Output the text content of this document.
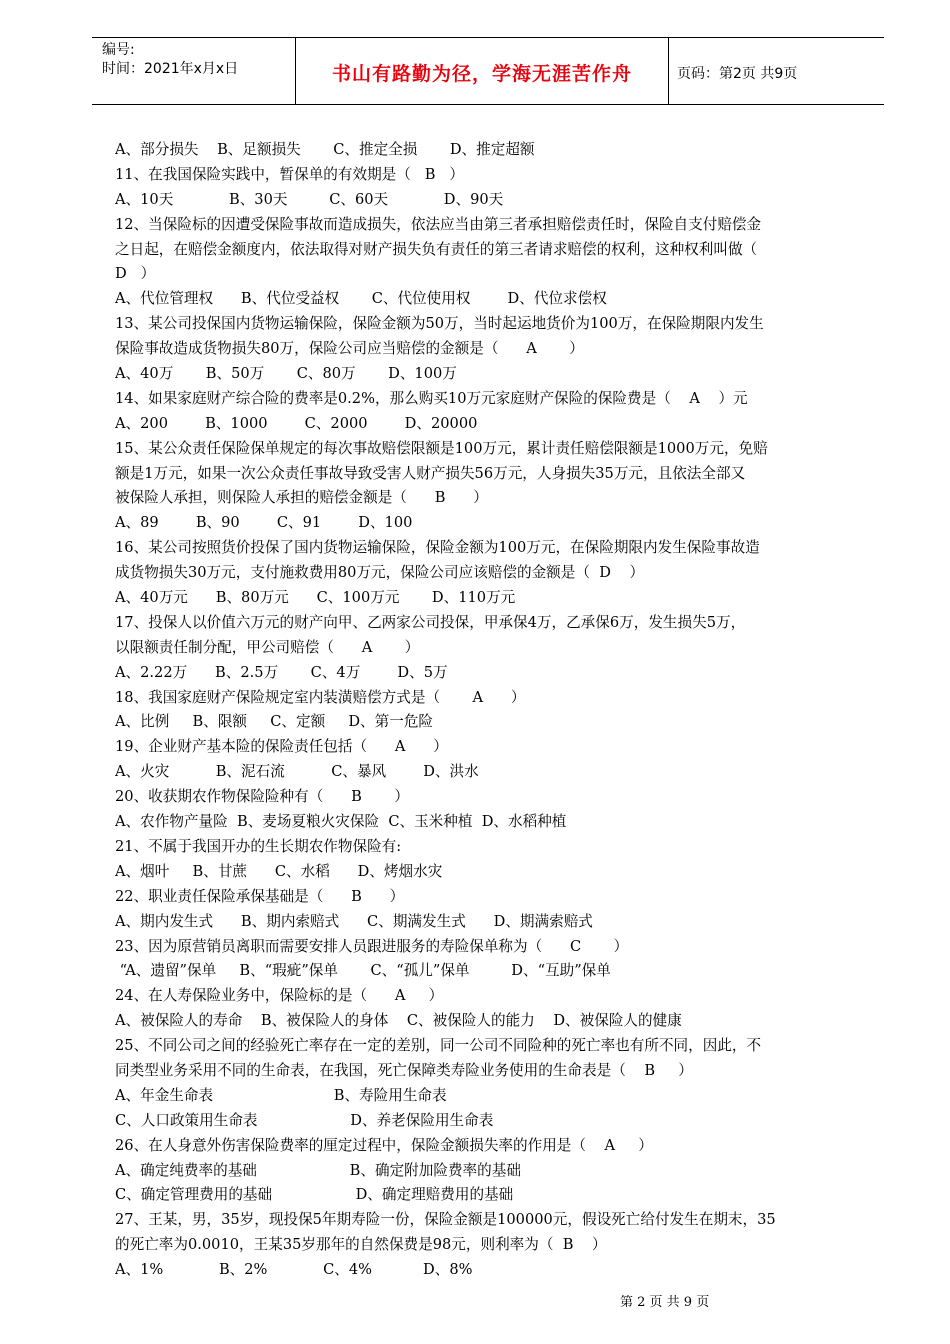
编号:
时间：2021年x月x日	书山有路勤为径，学海无涯苦作舟	页码：第2页 共9页
A、部分损失    B、足额损失       C、推定全损       D、推定超额
11、在我国保险实践中，暂保单的有效期是（   B   ）
A、10天            B、30天         C、60天            D、90天
12、当保险标的因遭受保险事故而造成损失，依法应当由第三者承担赔偿责任时，保险自支付赔偿金
之日起，在赔偿金额度内，依法取得对财产损失负有责任的第三者请求赔偿的权利，这种权利叫做（
D   ）
A、代位管理权      B、代位受益权       C、代位使用权        D、代位求偿权
13、某公司投保国内货物运输保险，保险金额为50万，当时起运地货价为100万，在保险期限内发生
保险事故造成货物损失80万，保险公司应当赔偿的金额是（      A       ）
A、40万       B、50万       C、80万       D、100万
14、如果家庭财产综合险的费率是0.2%，那么购买10万元家庭财产保险的保险费是（    A    ）元
A、200        B、1000        C、2000        D、20000
15、某公众责任保险保单规定的每次事故赔偿限额是100万元，累计责任赔偿限额是1000万元，免赔
额是1万元，如果一次公众责任事故导致受害人财产损失56万元，人身损失35万元，且依法全部又
被保险人承担，则保险人承担的赔偿金额是（      B      ）
A、89        B、90        C、91        D、100
16、某公司按照货价投保了国内货物运输保险，保险金额为100万元，在保险期限内发生保险事故造
成货物损失30万元，支付施救费用80万元，保险公司应该赔偿的金额是（  D    ）
A、40万元      B、80万元      C、100万元       D、110万元
17、投保人以价值六万元的财产向甲、乙两家公司投保，甲承保4万，乙承保6万，发生损失5万，
以限额责任制分配，甲公司赔偿（      A       ）
A、2.22万      B、2.5万       C、4万        D、5万
18、我国家庭财产保险规定室内装潢赔偿方式是（       A      ）
A、比例     B、限额     C、定额     D、第一危险
19、企业财产基本险的保险责任包括（      A      ）
A、火灾          B、泥石流          C、暴风        D、洪水
20、收获期农作物保险险种有（      B       ）
A、农作物产量险  B、麦场夏粮火灾保险  C、玉米种植  D、水稻种植
21、不属于我国开办的生长期农作物保险有:
A、烟叶     B、甘蔗      C、水稻      D、烤烟水灾
22、职业责任保险承保基础是（      B      ）
A、期内发生式      B、期内索赔式      C、期满发生式      D、期满索赔式
23、因为原营销员离职而需要安排人员跟进服务的寿险保单称为（      C       ）
“A、遗留”保单     B、“瑕疵”保单       C、“孤儿”保单         D、“互助”保单
24、在人寿保险业务中，保险标的是（      A     ）
A、被保险人的寿命    B、被保险人的身体    C、被保险人的能力    D、被保险人的健康
25、不同公司之间的经验死亡率存在一定的差别，同一公司不同险种的死亡率也有所不同，因此，不
同类型业务采用不同的生命表，在我国，死亡保障类寿险业务使用的生命表是（    B     ）
A、年金生命表                          B、寿险用生命表
C、人口政策用生命表                    D、养老保险用生命表
26、在人身意外伤害保险费率的厘定过程中，保险金额损失率的作用是（    A     ）
A、确定纯费率的基础                    B、确定附加险费率的基础
C、确定管理费用的基础                  D、确定理赔费用的基础
27、王某，男，35岁，现投保5年期寿险一份，保险金额是100000元，假设死亡给付发生在期末，35
的死亡率为0.0010，王某35岁那年的自然保费是98元，则利率为（  B    ）
A、1%            B、2%            C、4%           D、8%
第 2 页 共 9 页
